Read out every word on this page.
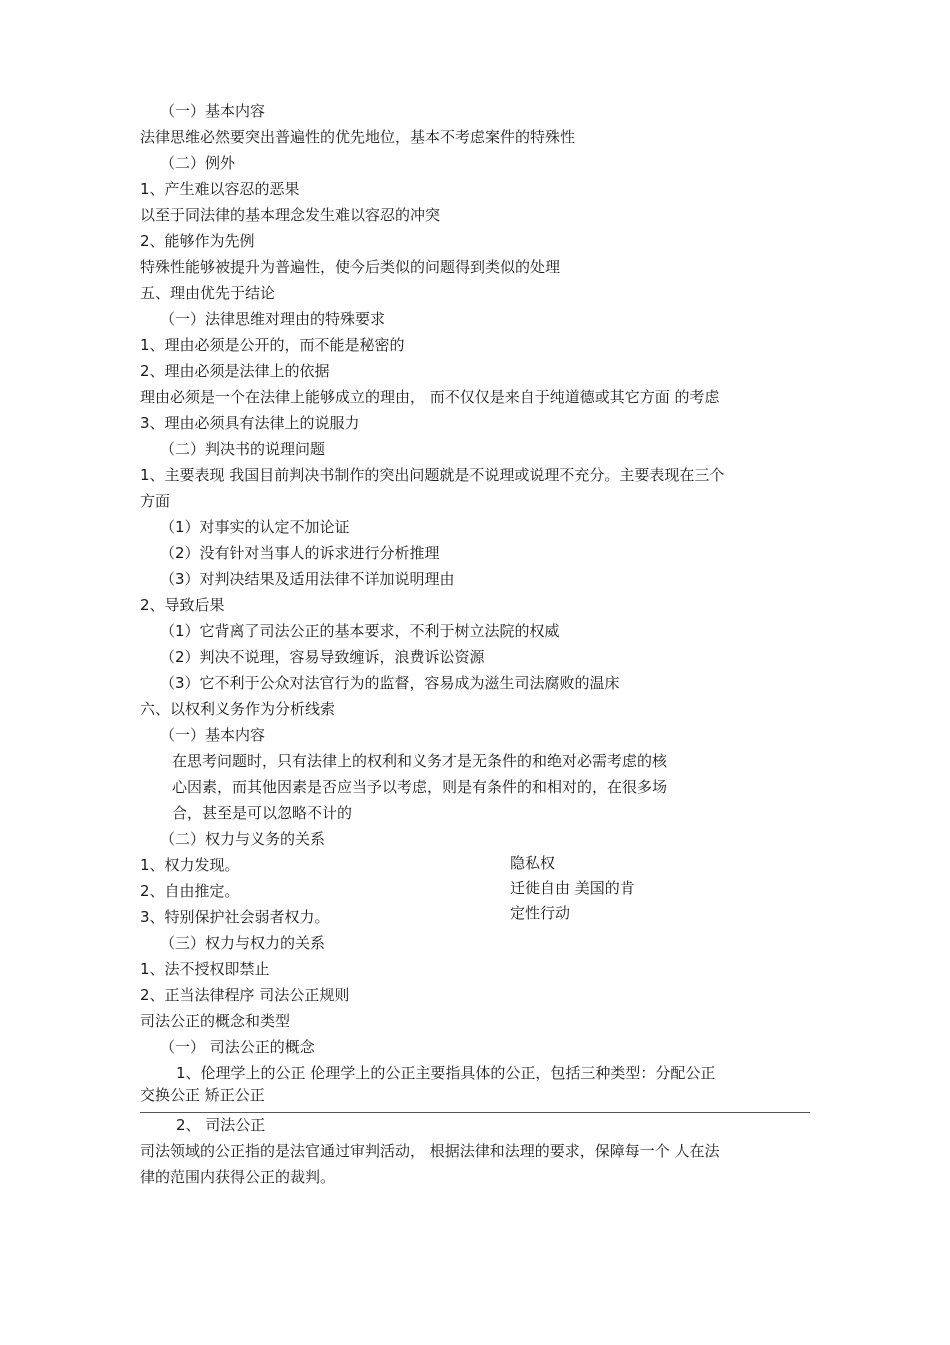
（一）基本内容
法律思维必然要突出普遍性的优先地位，基本不考虑案件的特殊性
（二）例外
1、产生难以容忍的恶果
以至于同法律的基本理念发生难以容忍的冲突
2、能够作为先例
特殊性能够被提升为普遍性，使今后类似的问题得到类似的处理
五、理由优先于结论
（一）法律思维对理由的特殊要求
1、理由必须是公开的，而不能是秘密的
2、理由必须是法律上的依据
理由必须是一个在法律上能够成立的理由， 而不仅仅是来自于纯道德或其它方面 的考虑
3、理由必须具有法律上的说服力
（二）判决书的说理问题
1、主要表现 我国目前判决书制作的突出问题就是不说理或说理不充分。主要表现在三个
方面
（1）对事实的认定不加论证
（2）没有针对当事人的诉求进行分析推理
（3）对判决结果及适用法律不详加说明理由
2、导致后果
（1）它背离了司法公正的基本要求，不利于树立法院的权威
（2）判决不说理，容易导致缠诉，浪费诉讼资源
（3）它不利于公众对法官行为的监督，容易成为滋生司法腐败的温床
六、以权利义务作为分析线索
（一）基本内容
在思考问题时，只有法律上的权利和义务才是无条件的和绝对必需考虑的核
心因素，而其他因素是否应当予以考虑，则是有条件的和相对的，在很多场
合，甚至是可以忽略不计的
（二）权力与义务的关系
1、权力发现。
2、自由推定。
3、特别保护社会弱者权力。
隐私权
迁徙自由 美国的肯
定性行动
（三）权力与权力的关系
1、法不授权即禁止
2、正当法律程序 司法公正规则
司法公正的概念和类型
（一） 司法公正的概念
1、伦理学上的公正 伦理学上的公正主要指具体的公正，包括三种类型：分配公正
交换公正 矫正公正
2、 司法公正
司法领域的公正指的是法官通过审判活动， 根据法律和法理的要求，保障每一个 人在法
律的范围内获得公正的裁判。
